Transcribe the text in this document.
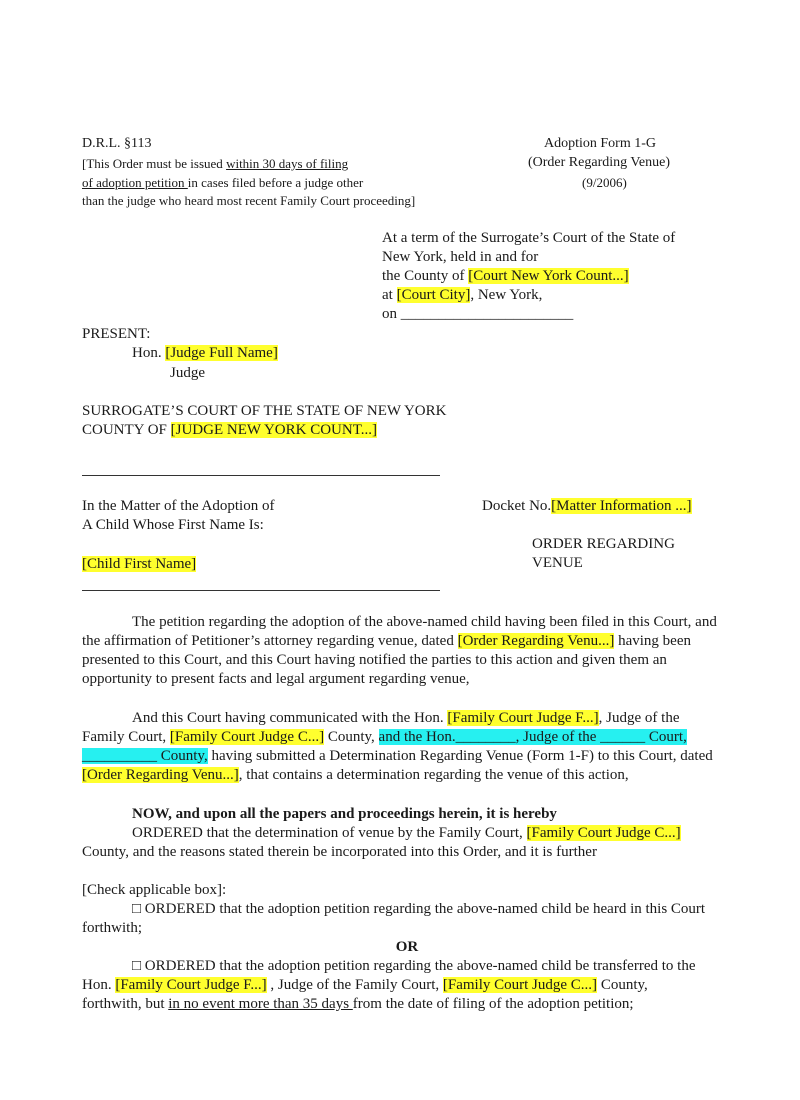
D.R.L. §113
[This Order must be issued within 30 days of filing
of adoption petition in cases filed before a judge other
than the judge who heard most recent Family Court proceeding]
Adoption Form 1-G
(Order Regarding Venue)
(9/2006)
At a term of the Surrogate’s Court of the State of
New York, held in and for
the County of [Court New York Count...]
at [Court City], New York,
on _______________________
PRESENT:
Hon. [Judge Full Name]
Judge
SURROGATE’S COURT OF THE STATE OF NEW YORK
COUNTY OF [JUDGE NEW YORK COUNT...]
In the Matter of the Adoption of
A Child Whose First Name Is:
[Child First Name]
Docket No.[Matter Information ...]
ORDER REGARDING
VENUE
The petition regarding the adoption of the above-named child having been filed in this Court, and
the affirmation of Petitioner’s attorney regarding venue, dated [Order Regarding Venu...] having been
presented to this Court, and this Court having notified the parties to this action and given them an
opportunity to present facts and legal argument regarding venue,
And this Court having communicated with the Hon. [Family Court Judge F...], Judge of the
Family Court, [Family Court Judge C...] County, and the Hon.________, Judge of the ______ Court,
__________ County, having submitted a Determination Regarding Venue (Form 1-F) to this Court, dated
[Order Regarding Venu...], that contains a determination regarding the venue of this action,
NOW, and upon all the papers and proceedings herein, it is hereby
ORDERED that the determination of venue by the Family Court, [Family Court Judge C...]
County, and the reasons stated therein be incorporated into this Order, and it is further
[Check applicable box]:
□ ORDERED that the adoption petition regarding the above-named child be heard in this Court
forthwith;
OR
□ ORDERED that the adoption petition regarding the above-named child be transferred to the
Hon. [Family Court Judge F...] , Judge of the Family Court, [Family Court Judge C...] County,
forthwith, but in no event more than 35 days from the date of filing of the adoption petition;
